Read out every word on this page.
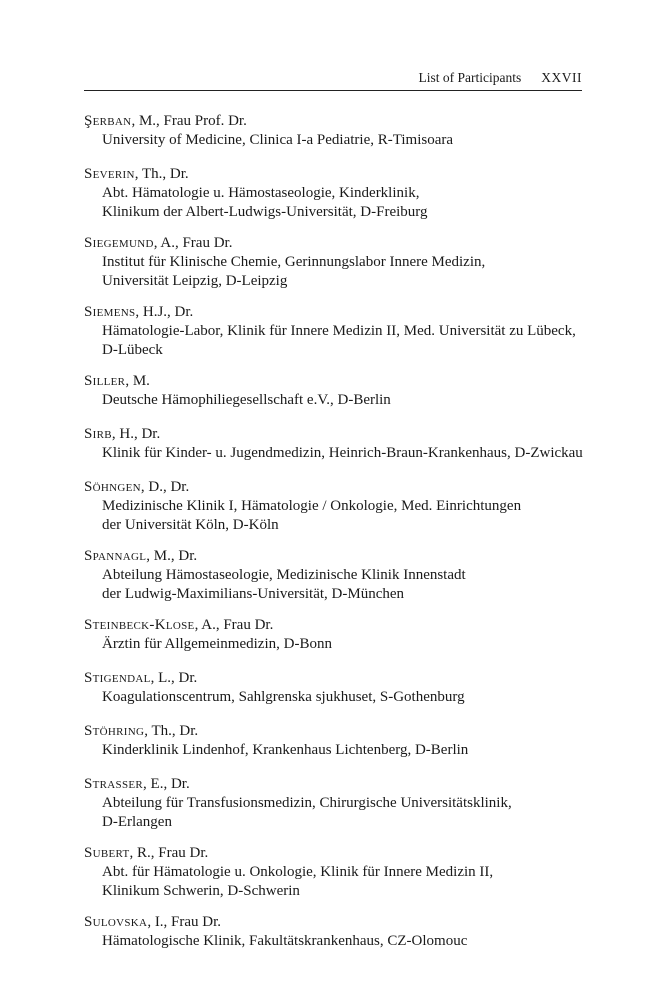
List of Participants XXVII
Şerban, M., Frau Prof. Dr.
University of Medicine, Clinica I-a Pediatrie, R-Timisoara
Severin, Th., Dr.
Abt. Hämatologie u. Hämostaseologie, Kinderklinik,
Klinikum der Albert-Ludwigs-Universität, D-Freiburg
Siegemund, A., Frau Dr.
Institut für Klinische Chemie, Gerinnungslabor Innere Medizin,
Universität Leipzig, D-Leipzig
Siemens, H.J., Dr.
Hämatologie-Labor, Klinik für Innere Medizin II, Med. Universität zu Lübeck,
D-Lübeck
Siller, M.
Deutsche Hämophiliegesellschaft e.V., D-Berlin
Sirb, H., Dr.
Klinik für Kinder- u. Jugendmedizin, Heinrich-Braun-Krankenhaus, D-Zwickau
Söhngen, D., Dr.
Medizinische Klinik I, Hämatologie / Onkologie, Med. Einrichtungen
der Universität Köln, D-Köln
Spannagl, M., Dr.
Abteilung Hämostaseologie, Medizinische Klinik Innenstadt
der Ludwig-Maximilians-Universität, D-München
Steinbeck-Klose, A., Frau Dr.
Ärztin für Allgemeinmedizin, D-Bonn
Stigendal, L., Dr.
Koagulationscentrum, Sahlgrenska sjukhuset, S-Gothenburg
Stöhring, Th., Dr.
Kinderklinik Lindenhof, Krankenhaus Lichtenberg, D-Berlin
Strasser, E., Dr.
Abteilung für Transfusionsmedizin, Chirurgische Universitätsklinik,
D-Erlangen
Subert, R., Frau Dr.
Abt. für Hämatologie u. Onkologie, Klinik für Innere Medizin II,
Klinikum Schwerin, D-Schwerin
Sulovska, I., Frau Dr.
Hämatologische Klinik, Fakultätskrankenhaus, CZ-Olomouc
